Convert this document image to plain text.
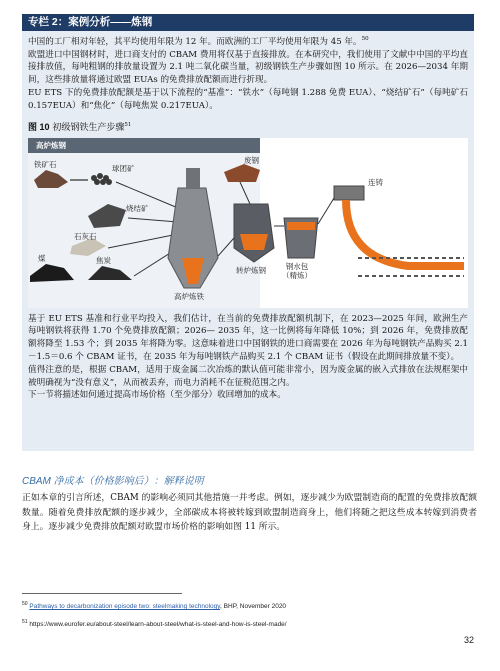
专栏 2：案例分析——炼钢

中国的工厂相对年轻，其平均使用年限为 12 年。而欧洲的工厂平均使用年限为 45 年。$^{50}$

欧盟进口中国钢材时，进口商支付的 CBAM 费用将仅基于直接排放。在本研究中，我们使用了文献中中国的平均直接排放值，每吨粗钢的排放量设置为 2.1 吨二氧化碳当量，初级钢铁生产步骤如图 10 所示。在 2026—2034 年期间，这些排放量将通过欧盟 EUAs 的免费排放配额而进行折现。

EU ETS 下的免费排放配额是基于以下流程的“基准”：“铁水”（每吨钢 1.288 免费 EUA）、“烧结矿石”（每吨矿石 0.157EUA）和“焦化”（每吨焦炭 0.217EUA）。

图 10 初级钢铁生产步骤$^{51}$
高炉炼钢
铁矿石	球团矿
烧结矿
石灰石
煤	焦炭
高炉炼铁
废钢
转炉炼钢	钢水包
（精炼）
连铸

基于 EU ETS 基准和行业平均投入，我们估计，在当前的免费排放配额机制下，在 2023—2025 年间，欧洲生产每吨钢铁将获得 1.70 个免费排放配额；2026— 2035 年，这一比例将每年降低 10%；到 2026 年，免费排放配额将降至 1.53 个；到 2035 年将降为零。这意味着进口中国钢铁的进口商需要在 2026 年为每吨钢铁产品购买 2.1－1.5＝0.6 个 CBAM 证书，在 2035 年为每吨钢铁产品购买 2.1 个 CBAM 证书（假设在此期间排放量不变）。

值得注意的是，根据 CBAM，适用于废金属二次冶炼的默认值可能非常小，因为废金属的嵌入式排放在法规框架中被明确视为“没有意义”，从而被丢弃，而电力消耗不在征税范围之内。

下一节将描述如何通过提高市场价格（至少部分）收回增加的成本。

CBAM 净成本（价格影响后）：解释说明

正如本章的引言所述，CBAM 的影响必须同其他措施一并考虑。例如，逐步减少为欧盟制造商的配置的免费排放配额数量。随着免费排放配额的逐步减少，全部碳成本将被转嫁到欧盟制造商身上，他们将随之把这些成本转嫁到消费者身上。逐步减少免费排放配额对欧盟市场价格的影响如图 11 所示。

$^{50}$ Pathways to decarbonization episode two: steelmaking technology, BHP, November 2020
$^{51}$ https://www.eurofer.eu/about-steel/learn-about-steel/what-is-steel-and-how-is-steel-made/
32
